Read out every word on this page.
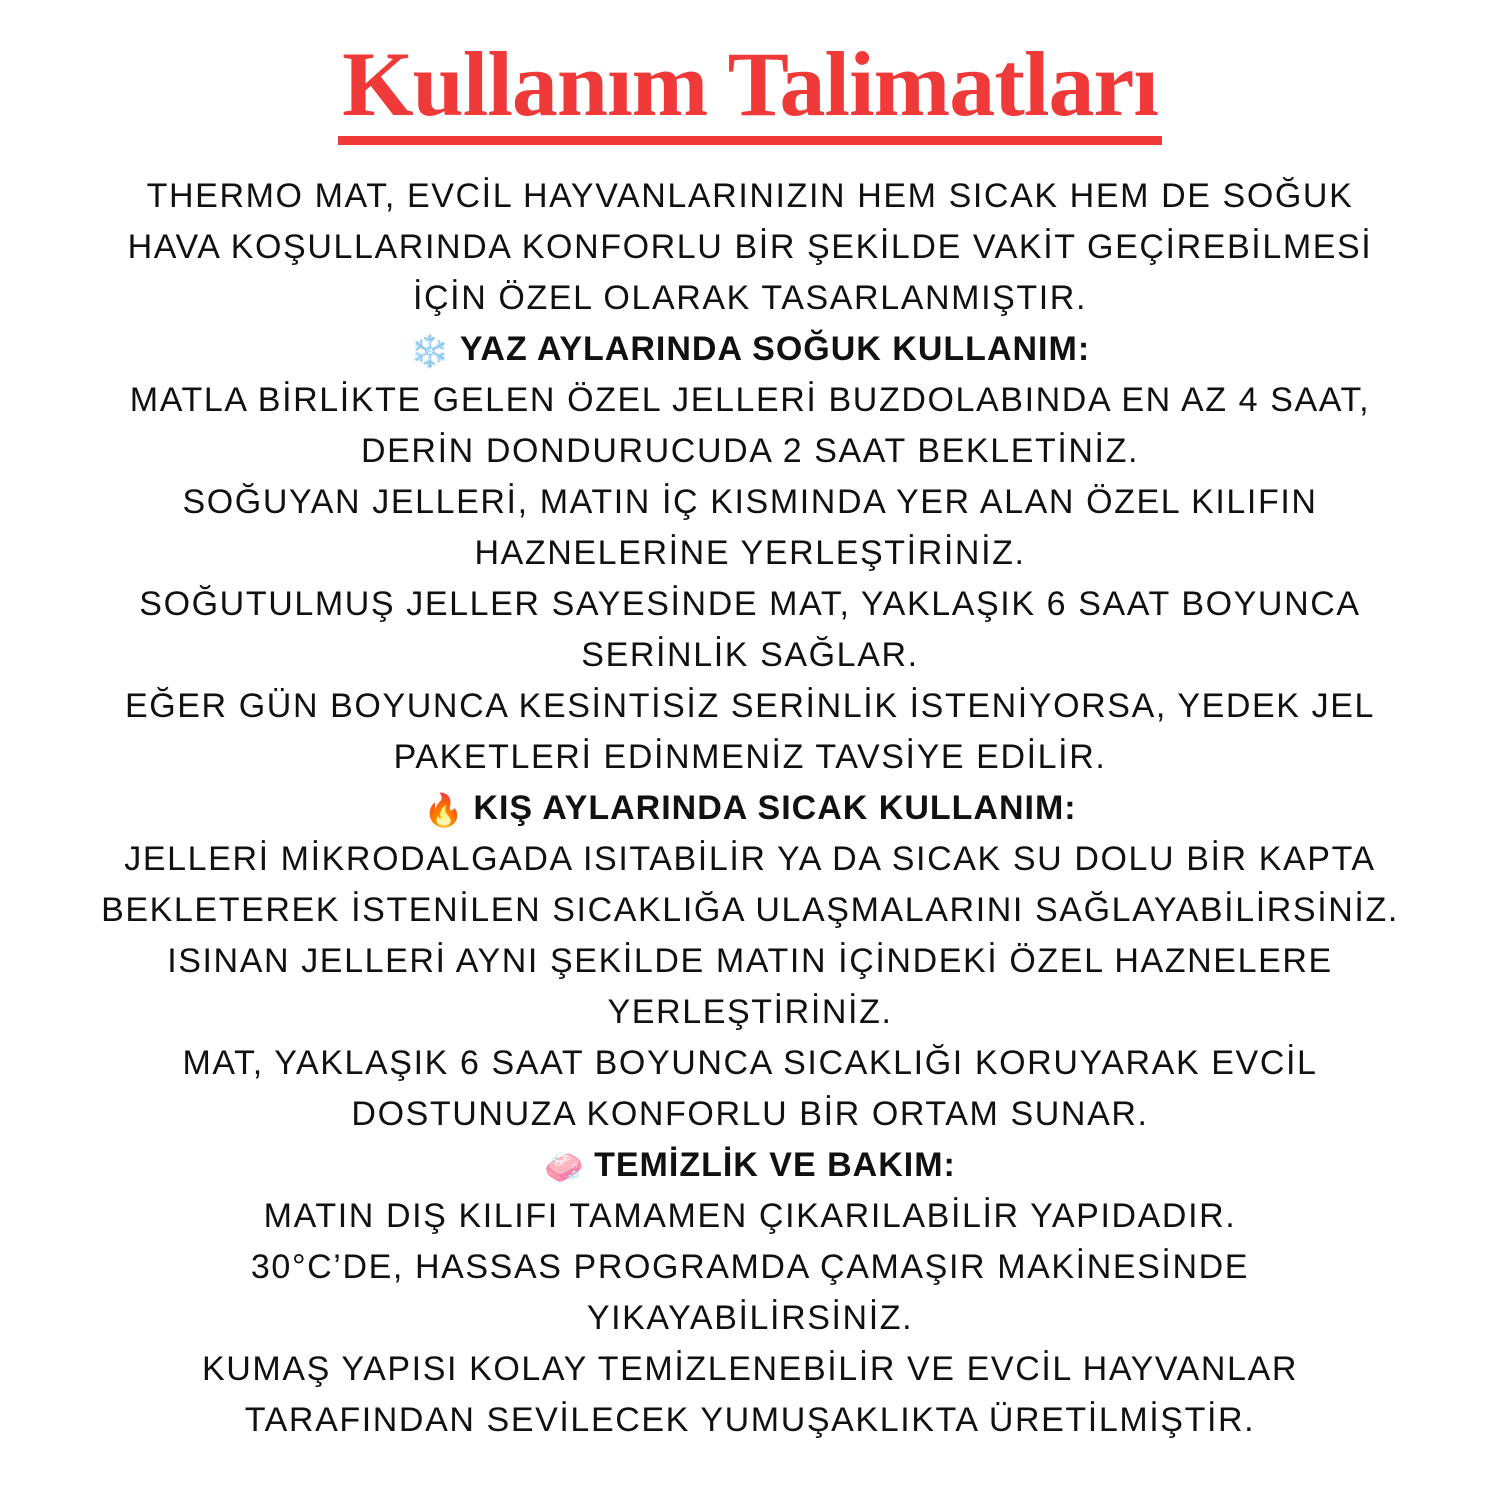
Kullanım Talimatları
THERMO MAT, EVCİL HAYVANLARINIZIN HEM SICAK HEM DE SOĞUK
HAVA KOŞULLARINDA KONFORLU BİR ŞEKİLDE VAKİT GEÇİREBİLMESİ
İÇİN ÖZEL OLARAK TASARLANMIŞTIR.
❄️ YAZ AYLARINDA SOĞUK KULLANIM:
MATLA BİRLİKTE GELEN ÖZEL JELLERİ BUZDOLABINDA EN AZ 4 SAAT,
DERİN DONDURUCUDA 2 SAAT BEKLETİNİZ.
SOĞUYAN JELLERİ, MATIN İÇ KISMINDA YER ALAN ÖZEL KILIFIN
HAZNELERİNE YERLEŞTİRİNİZ.
SOĞUTULMUŞ JELLER SAYESİNDE MAT, YAKLAŞIK 6 SAAT BOYUNCA
SERİNLİK SAĞLAR.
EĞER GÜN BOYUNCA KESİNTİSİZ SERİNLİK İSTENİYORSA, YEDEK JEL
PAKETLERİ EDİNMENİZ TAVSİYE EDİLİR.
🔥 KIŞ AYLARINDA SICAK KULLANIM:
JELLERİ MİKRODALGADA ISITABİLİR YA DA SICAK SU DOLU BİR KAPTA
BEKLETEREK İSTENİLEN SICAKLIĞA ULAŞMALARINI SAĞLAYABİLİRSİNİZ.
ISINAN JELLERİ AYNI ŞEKİLDE MATIN İÇİNDEKİ ÖZEL HAZNELERE
YERLEŞTİRİNİZ.
MAT, YAKLAŞIK 6 SAAT BOYUNCA SICAKLIĞI KORUYARAK EVCİL
DOSTUNUZA KONFORLU BİR ORTAM SUNAR.
🧼 TEMİZLİK VE BAKIM:
MATIN DIŞ KILIFI TAMAMEN ÇIKARILABİLİR YAPIDADIR.
30°C’DE, HASSAS PROGRAMDA ÇAMAŞIR MAKİNESİNDE
YIKAYABİLİRSİNİZ.
KUMAŞ YAPISI KOLAY TEMİZLENEBİLİR VE EVCİL HAYVANLAR
TARAFINDAN SEVİLECEK YUMUŞAKLIKTA ÜRETİLMİŞTİR.
